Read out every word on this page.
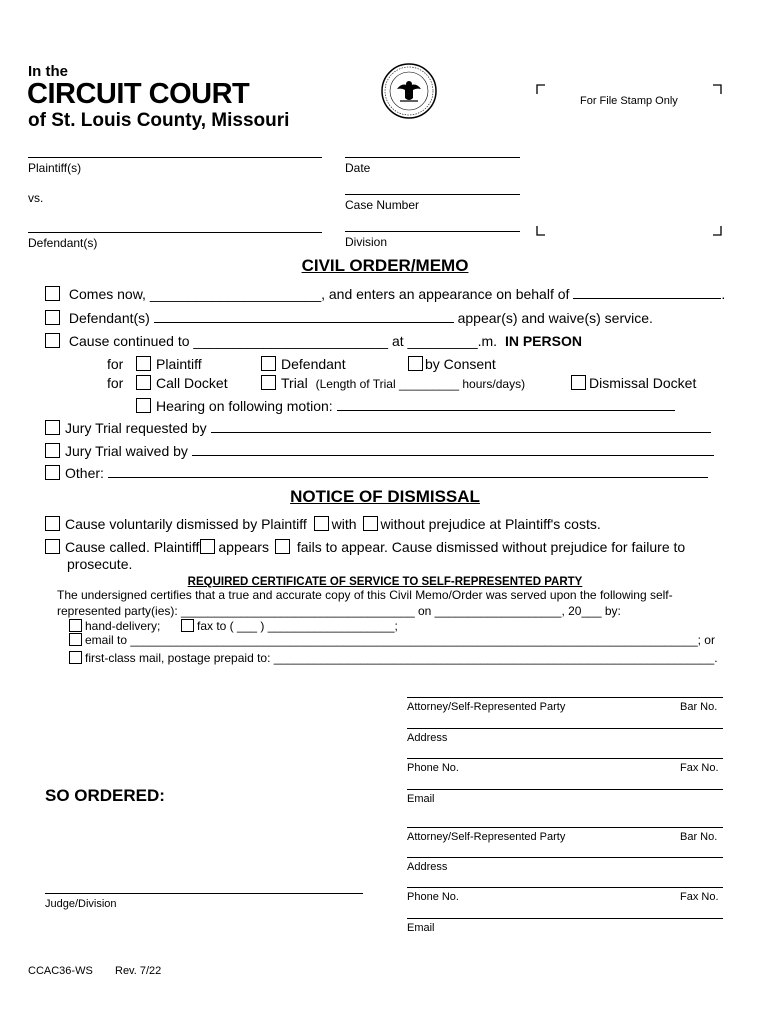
In the
CIRCUIT COURT
of St. Louis County, Missouri
For File Stamp Only
Plaintiff(s)
vs.
Defendant(s)
Date
Case Number
Division
CIVIL ORDER/MEMO
Comes now, ______________________, and enters an appearance on behalf of	.
Defendant(s)	appear(s) and waive(s) service.
Cause continued to _________________________ at _________.m. IN PERSON
for	Plaintiff	Defendant	by Consent
for	Call Docket	Trial (Length of Trial _________ hours/days)	Dismissal Docket
Hearing on following motion:
Jury Trial requested by
Jury Trial waived by
Other:
NOTICE OF DISMISSAL
Cause voluntarily dismissed by Plaintiff with without prejudice at Plaintiff's costs.
Cause called. Plaintiff appears fails to appear. Cause dismissed without prejudice for failure to
prosecute.
REQUIRED CERTIFICATE OF SERVICE TO SELF-REPRESENTED PARTY
The undersigned certifies that a true and accurate copy of this Civil Memo/Order was served upon the following self-
represented party(ies): ___________________________________ on ___________________, 20___ by:
hand-delivery;	fax to ( ___ ) ___________________;
email to _____________________________________________________________________________________; or
first-class mail, postage prepaid to: __________________________________________________________________.
Attorney/Self-Represented Party	Bar No.
Address
Phone No.	Fax No.
Email
SO ORDERED:
Attorney/Self-Represented Party	Bar No.
Address
Phone No.	Fax No.
Email
Judge/Division
CCAC36-WS Rev. 7/22
